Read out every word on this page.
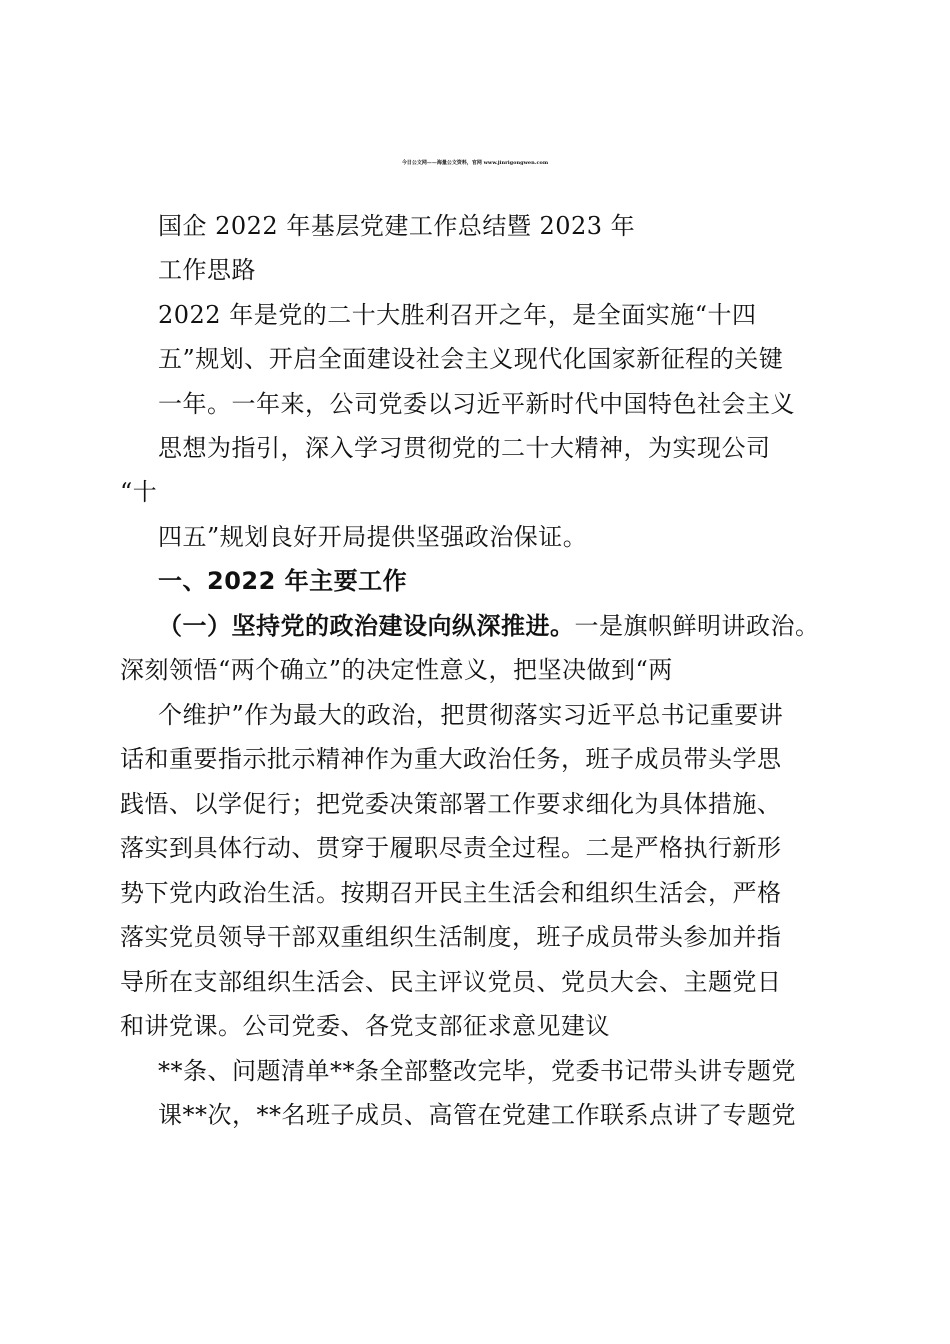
今日公文网——海量公文资料，官网 www.jinrigongwen.com
国企 2022 年基层党建工作总结暨 2023 年
工作思路
2022 年是党的二十大胜利召开之年，是全面实施“十四
五”规划、开启全面建设社会主义现代化国家新征程的关键
一年。一年来，公司党委以习近平新时代中国特色社会主义
思想为指引，深入学习贯彻党的二十大精神，为实现公司
“十
四五”规划良好开局提供坚强政治保证。
一、2022 年主要工作
（一）坚持党的政治建设向纵深推进。一是旗帜鲜明讲政治。
深刻领悟“两个确立”的决定性意义，把坚决做到“两
个维护”作为最大的政治，把贯彻落实习近平总书记重要讲
话和重要指示批示精神作为重大政治任务，班子成员带头学思
践悟、以学促行；把党委决策部署工作要求细化为具体措施、
落实到具体行动、贯穿于履职尽责全过程。二是严格执行新形
势下党内政治生活。按期召开民主生活会和组织生活会，严格
落实党员领导干部双重组织生活制度，班子成员带头参加并指
导所在支部组织生活会、民主评议党员、党员大会、主题党日
和讲党课。公司党委、各党支部征求意见建议
**条、问题清单**条全部整改完毕，党委书记带头讲专题党
课**次，**名班子成员、高管在党建工作联系点讲了专题党
